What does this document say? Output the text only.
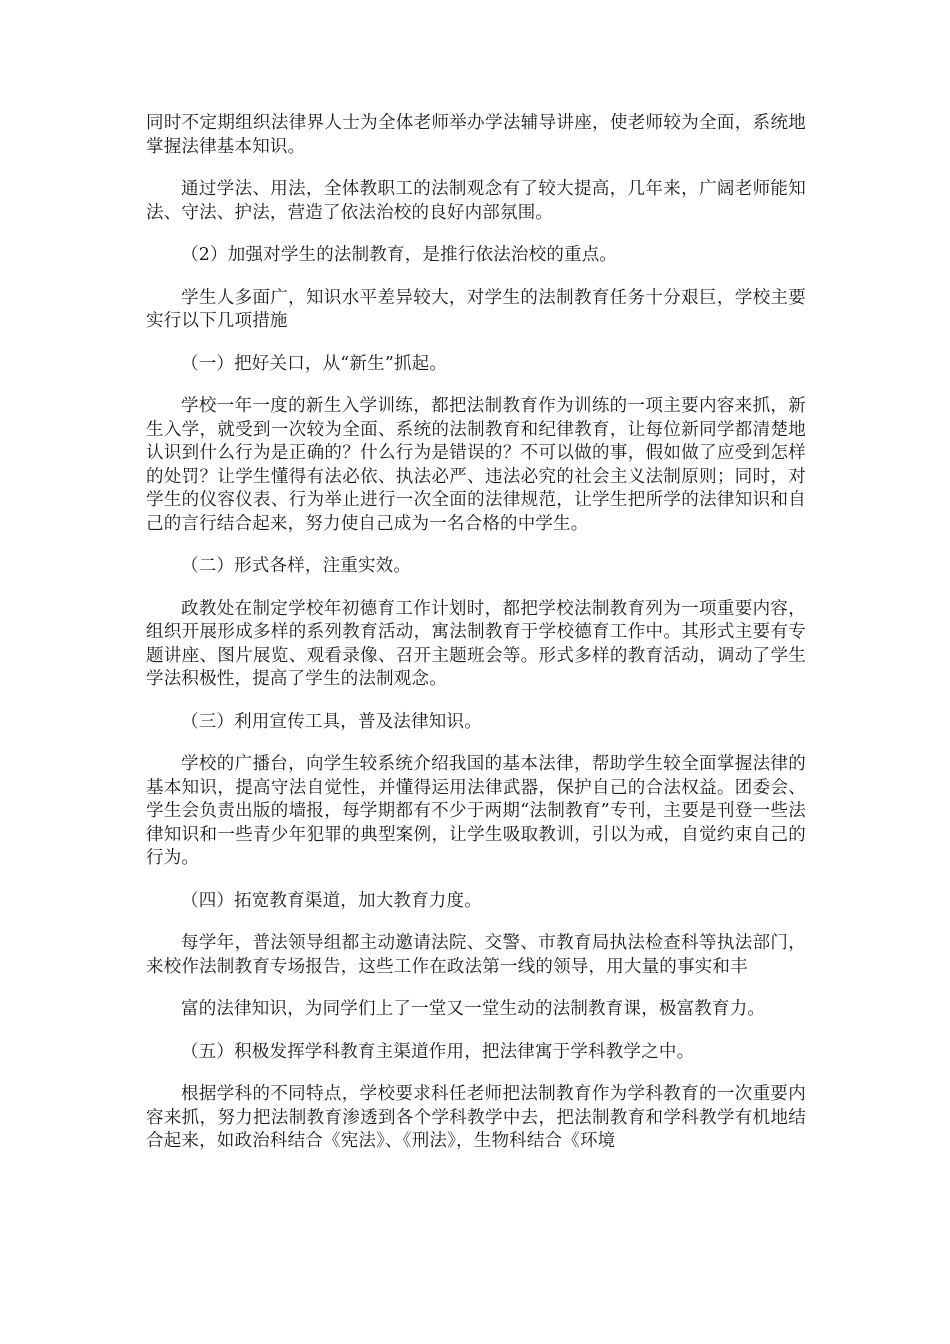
同时不定期组织法律界人士为全体老师举办学法辅导讲座，使老师较为全面，系统地掌握法律基本知识。

通过学法、用法，全体教职工的法制观念有了较大提高，几年来，广阔老师能知法、守法、护法，营造了依法治校的良好内部氛围。

（2）加强对学生的法制教育，是推行依法治校的重点。

学生人多面广，知识水平差异较大，对学生的法制教育任务十分艰巨，学校主要实行以下几项措施

（一）把好关口，从“新生”抓起。

学校一年一度的新生入学训练，都把法制教育作为训练的一项主要内容来抓，新生入学，就受到一次较为全面、系统的法制教育和纪律教育，让每位新同学都清楚地认识到什么行为是正确的？什么行为是错误的？不可以做的事，假如做了应受到怎样的处罚？让学生懂得有法必依、执法必严、违法必究的社会主义法制原则；同时，对学生的仪容仪表、行为举止进行一次全面的法律规范，让学生把所学的法律知识和自己的言行结合起来，努力使自己成为一名合格的中学生。

（二）形式各样，注重实效。

政教处在制定学校年初德育工作计划时，都把学校法制教育列为一项重要内容，组织开展形成多样的系列教育活动，寓法制教育于学校德育工作中。其形式主要有专题讲座、图片展览、观看录像、召开主题班会等。形式多样的教育活动，调动了学生学法积极性，提高了学生的法制观念。

（三）利用宣传工具，普及法律知识。

学校的广播台，向学生较系统介绍我国的基本法律，帮助学生较全面掌握法律的基本知识，提高守法自觉性，并懂得运用法律武器，保护自己的合法权益。团委会、学生会负责出版的墙报，每学期都有不少于两期“法制教育”专刊，主要是刊登一些法律知识和一些青少年犯罪的典型案例，让学生吸取教训，引以为戒，自觉约束自己的行为。

（四）拓宽教育渠道，加大教育力度。

每学年，普法领导组都主动邀请法院、交警、市教育局执法检查科等执法部门，来校作法制教育专场报告，这些工作在政法第一线的领导，用大量的事实和丰

富的法律知识，为同学们上了一堂又一堂生动的法制教育课，极富教育力。

（五）积极发挥学科教育主渠道作用，把法律寓于学科教学之中。

根据学科的不同特点，学校要求科任老师把法制教育作为学科教育的一次重要内容来抓，努力把法制教育渗透到各个学科教学中去，把法制教育和学科教学有机地结合起来，如政治科结合《宪法》、《刑法》，生物科结合《环境
